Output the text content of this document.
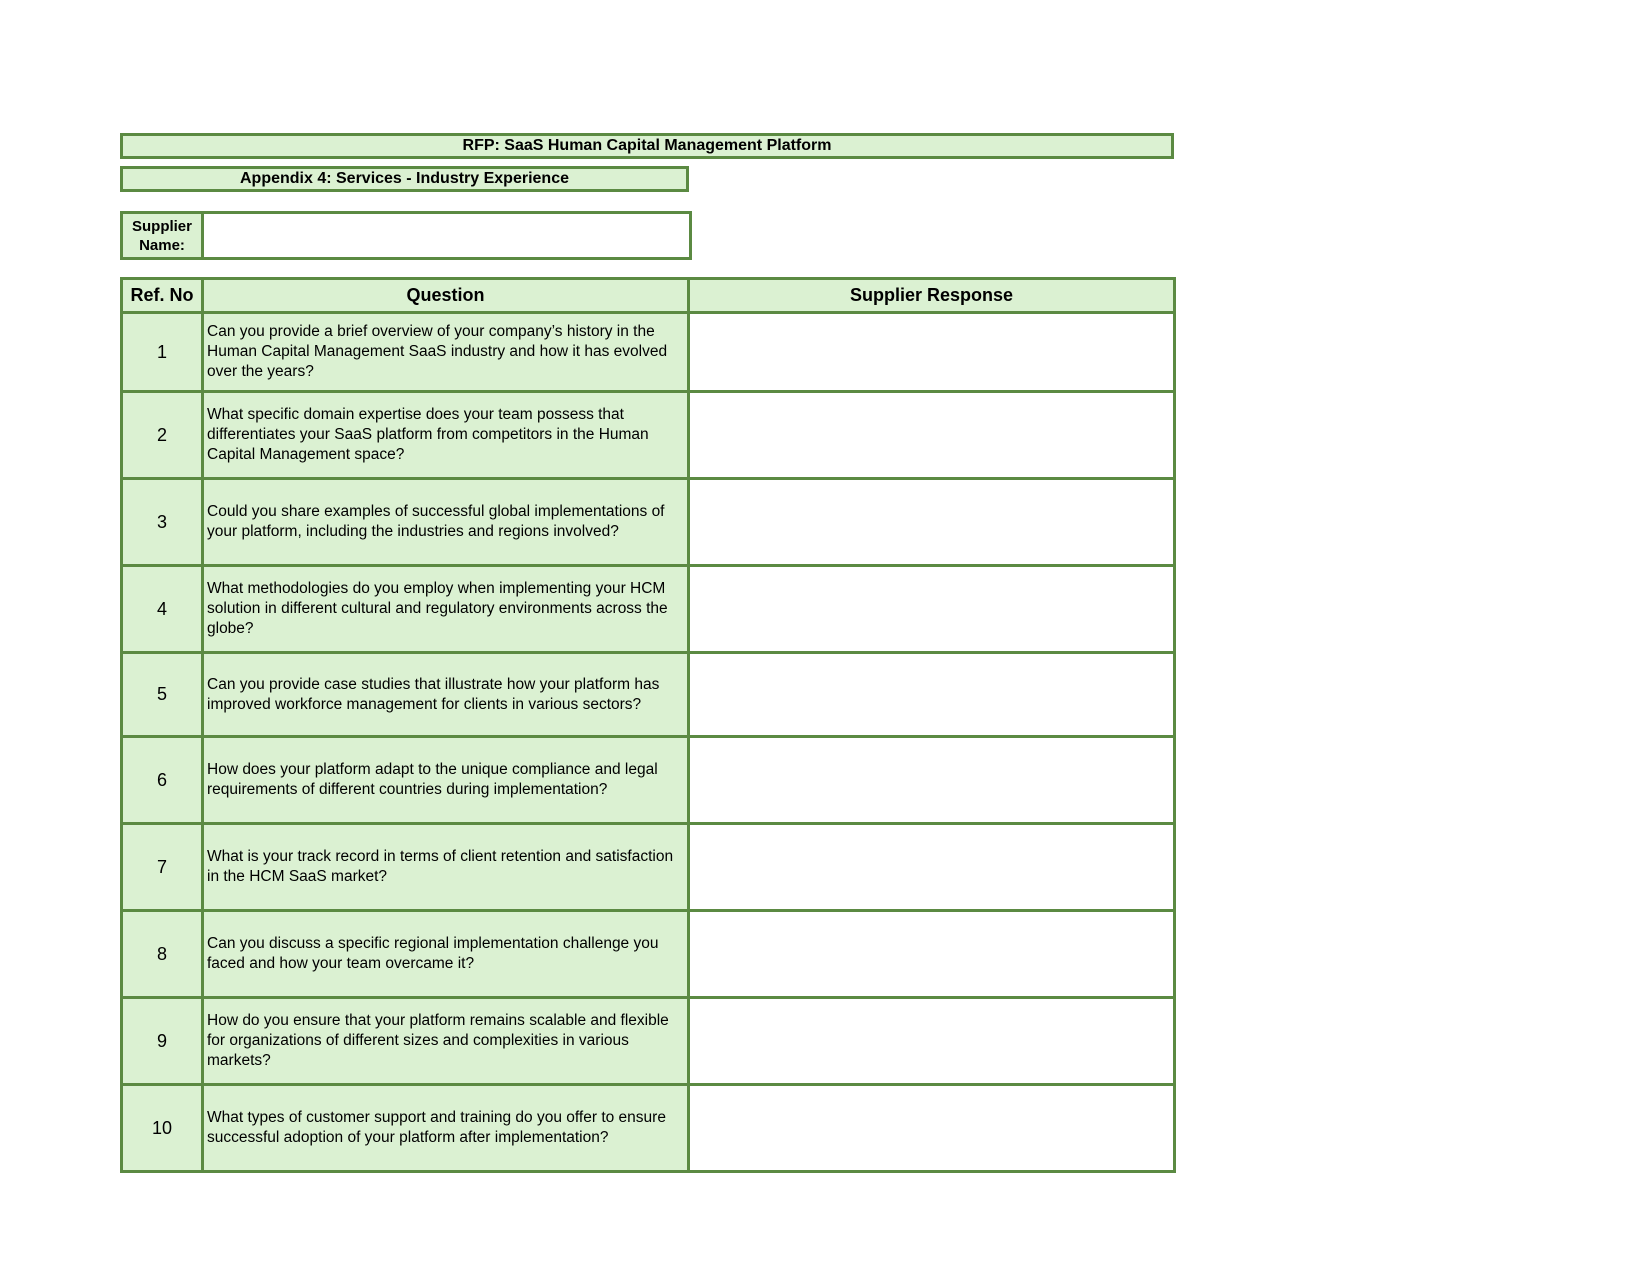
RFP: SaaS Human Capital Management Platform
Appendix 4: Services - Industry Experience
Supplier Name:

Ref. No	Question	Supplier Response
1	Can you provide a brief overview of your company’s history in the Human Capital Management SaaS industry and how it has evolved over the years?	
2	What specific domain expertise does your team possess that differentiates your SaaS platform from competitors in the Human Capital Management space?	
3	Could you share examples of successful global implementations of your platform, including the industries and regions involved?	
4	What methodologies do you employ when implementing your HCM solution in different cultural and regulatory environments across the globe?	
5	Can you provide case studies that illustrate how your platform has improved workforce management for clients in various sectors?	
6	How does your platform adapt to the unique compliance and legal requirements of different countries during implementation?	
7	What is your track record in terms of client retention and satisfaction in the HCM SaaS market?	
8	Can you discuss a specific regional implementation challenge you faced and how your team overcame it?	
9	How do you ensure that your platform remains scalable and flexible for organizations of different sizes and complexities in various markets?	
10	What types of customer support and training do you offer to ensure successful adoption of your platform after implementation?	
